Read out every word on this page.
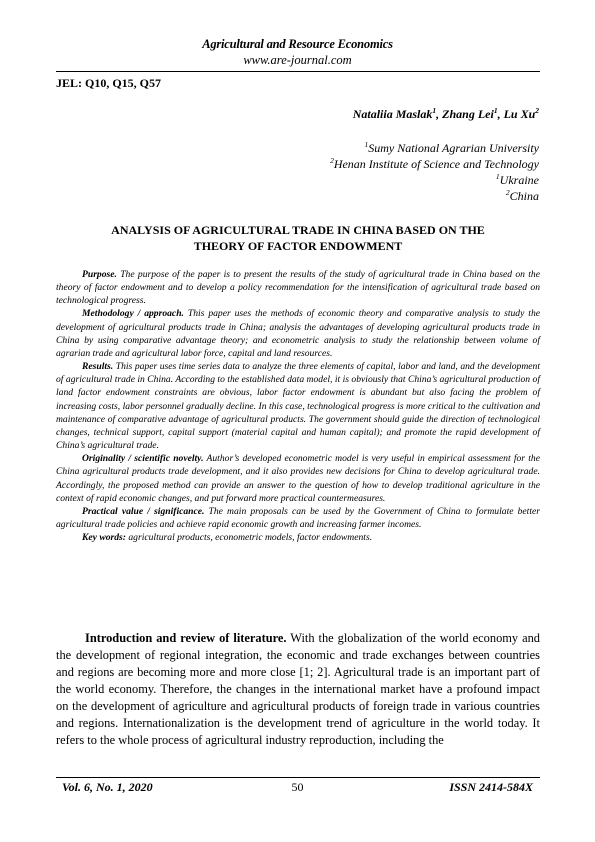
Agricultural and Resource Economics
www.are-journal.com
JEL: Q10, Q15, Q57
Nataliia Maslak$^1$, Zhang Lei$^1$, Lu Xu$^2$
$^1$Sumy National Agrarian University
$^2$Henan Institute of Science and Technology
$^1$Ukraine
$^2$China
ANALYSIS OF AGRICULTURAL TRADE IN CHINA BASED ON THE
THEORY OF FACTOR ENDOWMENT

Purpose. The purpose of the paper is to present the results of the study of agricultural trade in China based on the theory of factor endowment and to develop a policy recommendation for the intensification of agricultural trade based on technological progress.

Methodology / approach. This paper uses the methods of economic theory and comparative analysis to study the development of agricultural products trade in China; analysis the advantages of developing agricultural products trade in China by using comparative advantage theory; and econometric analysis to study the relationship between volume of agrarian trade and agricultural labor force, capital and land resources.

Results. This paper uses time series data to analyze the three elements of capital, labor and land, and the development of agricultural trade in China. According to the established data model, it is obviously that China’s agricultural production of land factor endowment constraints are obvious, labor factor endowment is abundant but also facing the problem of increasing costs, labor personnel gradually decline. In this case, technological progress is more critical to the cultivation and maintenance of comparative advantage of agricultural products. The government should guide the direction of technological changes, technical support, capital support (material capital and human capital); and promote the rapid development of China’s agricultural trade.

Originality / scientific novelty. Author’s developed econometric model is very useful in empirical assessment for the China agricultural products trade development, and it also provides new decisions for China to develop agricultural trade. Accordingly, the proposed method can provide an answer to the question of how to develop traditional agriculture in the context of rapid economic changes, and put forward more practical countermeasures.

Practical value / significance. The main proposals can be used by the Government of China to formulate better agricultural trade policies and achieve rapid economic growth and increasing farmer incomes.

Key words: agricultural products, econometric models, factor endowments.

Introduction and review of literature. With the globalization of the world economy and the development of regional integration, the economic and trade exchanges between countries and regions are becoming more and more close [1; 2]. Agricultural trade is an important part of the world economy. Therefore, the changes in the international market have a profound impact on the development of agriculture and agricultural products of foreign trade in various countries and regions. Internationalization is the development trend of agriculture in the world today. It refers to the whole process of agricultural industry reproduction, including the

Vol. 6, No. 1, 2020	50	ISSN 2414-584X
